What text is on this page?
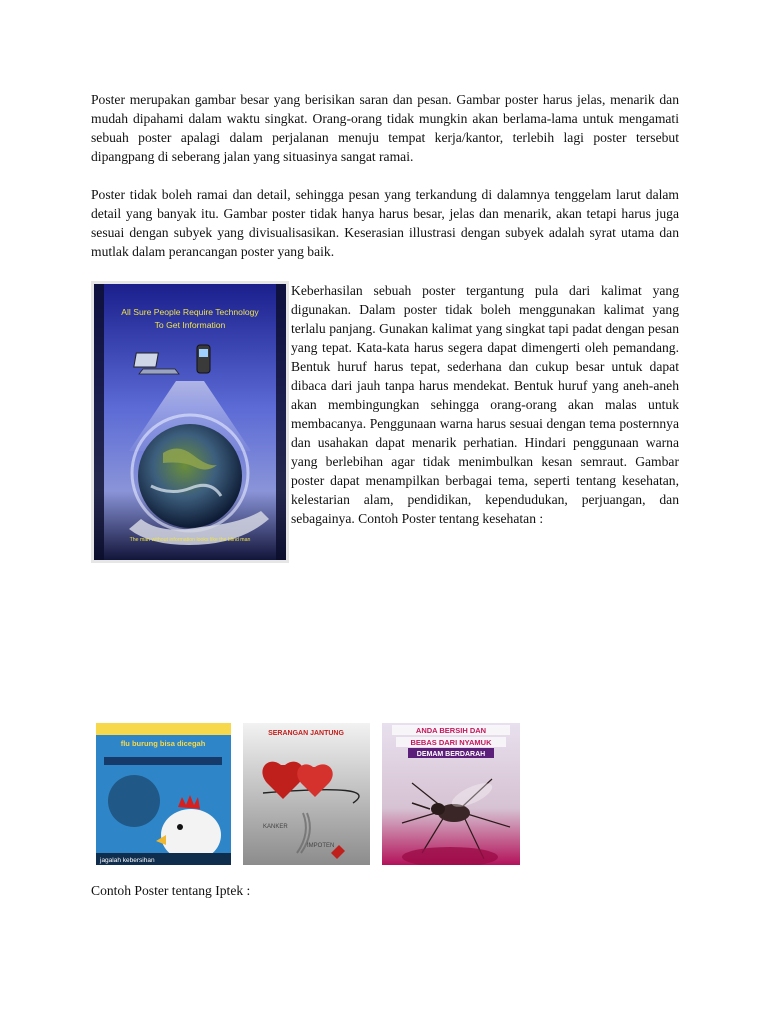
Poster merupakan gambar besar yang berisikan saran dan pesan. Gambar poster harus jelas, menarik dan mudah dipahami dalam waktu singkat. Orang-orang tidak mungkin akan berlama-lama untuk mengamati sebuah poster apalagi dalam perjalanan menuju tempat kerja/kantor, terlebih lagi poster tersebut dipangpang di seberang jalan yang situasinya sangat ramai.

Poster tidak boleh ramai dan detail, sehingga pesan yang terkandung di dalamnya tenggelam larut dalam detail yang banyak itu. Gambar poster tidak hanya harus besar, jelas dan menarik, akan tetapi harus juga sesuai dengan subyek yang divisualisasikan. Keserasian illustrasi dengan subyek adalah syrat utama dan mutlak dalam perancangan poster yang baik.

All Sure People Require Technology
To Get Information
The man without information looks like the blind man

Keberhasilan sebuah poster tergantung pula dari kalimat yang digunakan. Dalam poster tidak boleh menggunakan kalimat yang terlalu panjang. Gunakan kalimat yang singkat tapi padat dengan pesan yang tepat. Kata-kata harus segera dapat dimengerti oleh pemandang. Bentuk huruf harus tepat, sederhana dan cukup besar untuk dapat dibaca dari jauh tanpa harus mendekat. Bentuk huruf yang aneh-aneh akan membingungkan sehingga orang-orang akan malas untuk membacanya. Penggunaan warna harus sesuai dengan tema posternnya dan usahakan dapat menarik perhatian. Hindari penggunaan warna yang berlebihan agar tidak menimbulkan kesan semraut. Gambar poster dapat menampilkan berbagai tema, seperti tentang kesehatan, kelestarian alam, pendidikan, kependudukan, perjuangan, dan sebagainya. Contoh Poster tentang kesehatan :

flu burung bisa dicegah
jagalah kebersihan
SERANGAN JANTUNG
KANKER
IMPOTEN
ANDA BERSIH DAN
BEBAS DARI NYAMUK
DEMAM BERDARAH
Contoh Poster tentang Iptek :
